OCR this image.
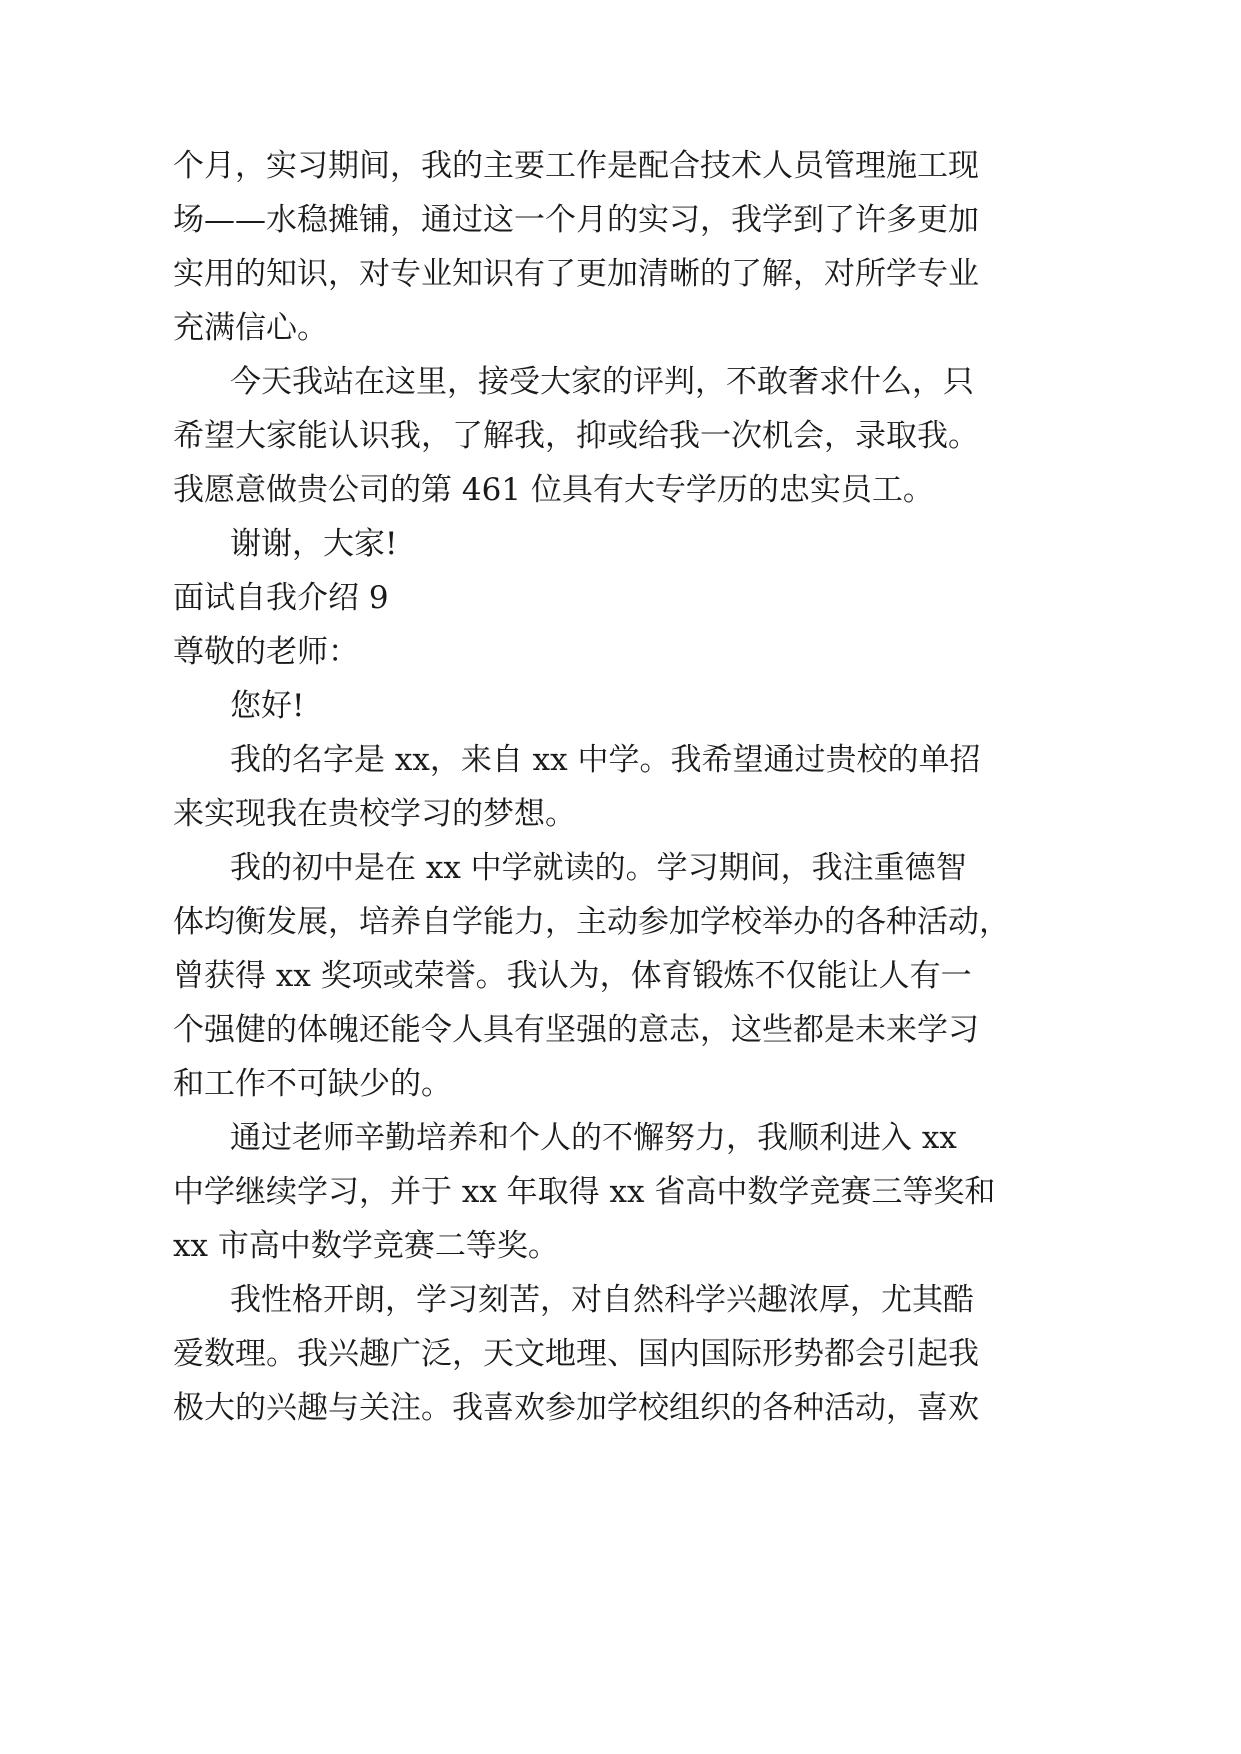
个月，实习期间，我的主要工作是配合技术人员管理施工现
场——水稳摊铺，通过这一个月的实习，我学到了许多更加
实用的知识，对专业知识有了更加清晰的了解，对所学专业
充满信心。
今天我站在这里，接受大家的评判，不敢奢求什么，只
希望大家能认识我，了解我，抑或给我一次机会，录取我。
我愿意做贵公司的第 461 位具有大专学历的忠实员工。
谢谢，大家!
面试自我介绍 9
尊敬的老师：
您好!
我的名字是 xx，来自 xx 中学。我希望通过贵校的单招
来实现我在贵校学习的梦想。
我的初中是在 xx 中学就读的。学习期间，我注重德智
体均衡发展，培养自学能力，主动参加学校举办的各种活动，
曾获得 xx 奖项或荣誉。我认为，体育锻炼不仅能让人有一
个强健的体魄还能令人具有坚强的意志，这些都是未来学习
和工作不可缺少的。
通过老师辛勤培养和个人的不懈努力，我顺利进入 xx
中学继续学习，并于 xx 年取得 xx 省高中数学竞赛三等奖和
xx 市高中数学竞赛二等奖。
我性格开朗，学习刻苦，对自然科学兴趣浓厚，尤其酷
爱数理。我兴趣广泛，天文地理、国内国际形势都会引起我
极大的兴趣与关注。我喜欢参加学校组织的各种活动，喜欢
